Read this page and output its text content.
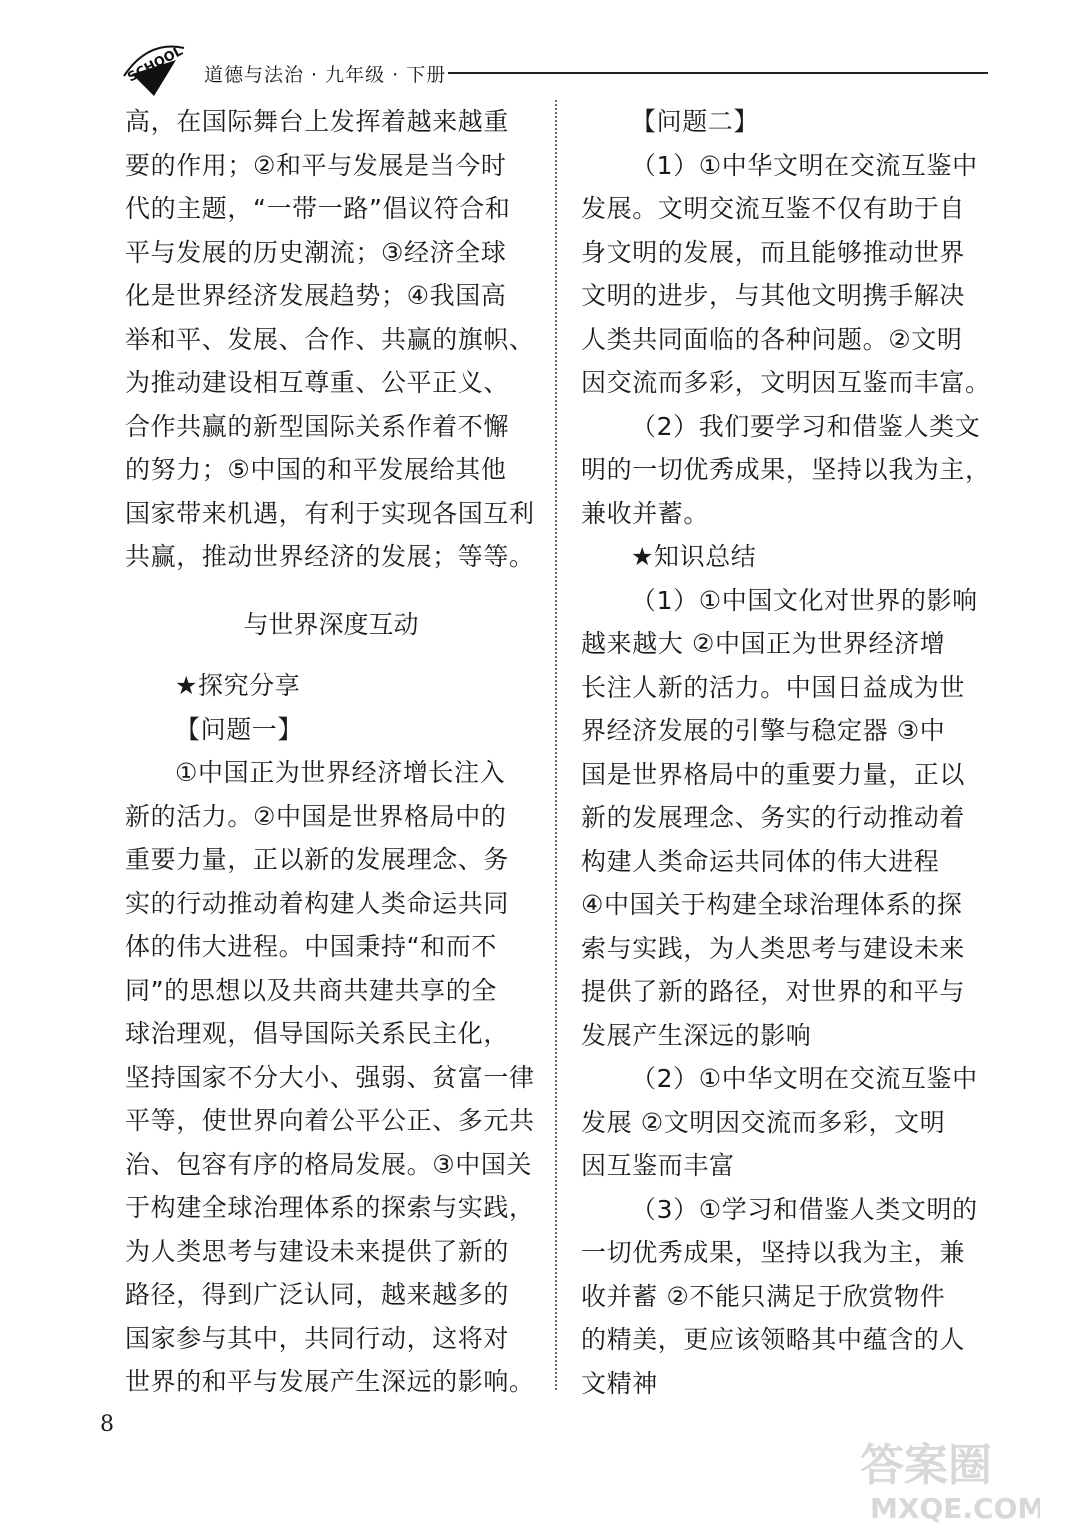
SCHOOL 道德与法治 · 九年级 · 下册

高，在国际舞台上发挥着越来越重
要的作用；②和平与发展是当今时
代的主题，“一带一路”倡议符合和
平与发展的历史潮流；③经济全球
化是世界经济发展趋势；④我国高
举和平、发展、合作、共赢的旗帜、
为推动建设相互尊重、公平正义、
合作共赢的新型国际关系作着不懈
的努力；⑤中国的和平发展给其他
国家带来机遇，有利于实现各国互利
共赢，推动世界经济的发展；等等。

与世界深度互动

★探究分享

【问题一】

①中国正为世界经济增长注入
新的活力。②中国是世界格局中的
重要力量，正以新的发展理念、务
实的行动推动着构建人类命运共同
体的伟大进程。中国秉持“和而不
同”的思想以及共商共建共享的全
球治理观，倡导国际关系民主化，
坚持国家不分大小、强弱、贫富一律
平等，使世界向着公平公正、多元共
治、包容有序的格局发展。③中国关
于构建全球治理体系的探索与实践，
为人类思考与建设未来提供了新的
路径，得到广泛认同，越来越多的
国家参与其中，共同行动，这将对
世界的和平与发展产生深远的影响。

【问题二】

（1）①中华文明在交流互鉴中
发展。文明交流互鉴不仅有助于自
身文明的发展，而且能够推动世界
文明的进步，与其他文明携手解决
人类共同面临的各种问题。②文明
因交流而多彩，文明因互鉴而丰富。

（2）我们要学习和借鉴人类文
明的一切优秀成果，坚持以我为主，
兼收并蓄。

★知识总结

（1）①中国文化对世界的影响
越来越大 ②中国正为世界经济增
长注人新的活力。中国日益成为世
界经济发展的引擎与稳定器 ③中
国是世界格局中的重要力量，正以
新的发展理念、务实的行动推动着
构建人类命运共同体的伟大进程
④中国关于构建全球治理体系的探
索与实践，为人类思考与建设未来
提供了新的路径，对世界的和平与
发展产生深远的影响

（2）①中华文明在交流互鉴中
发展 ②文明因交流而多彩，文明
因互鉴而丰富

（3）①学习和借鉴人类文明的
一切优秀成果，坚持以我为主，兼
收并蓄 ②不能只满足于欣赏物件
的精美，更应该领略其中蕴含的人
文精神

8
答案圈
MXQE.COM
